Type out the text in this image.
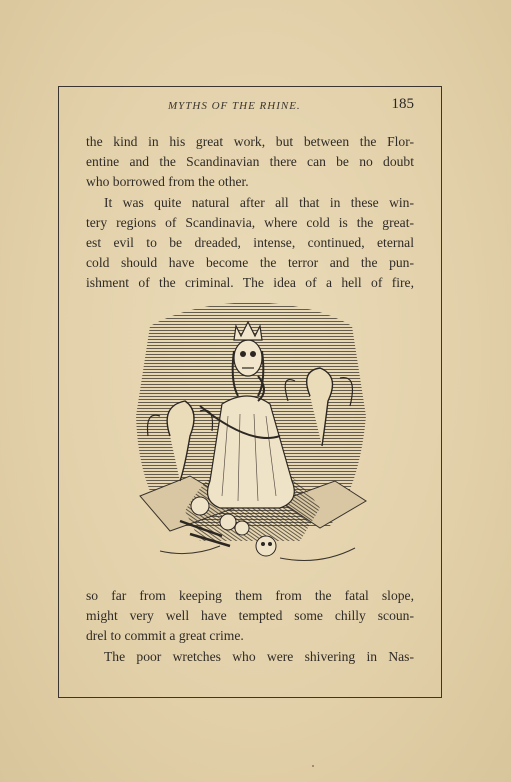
MYTHS OF THE RHINE.	185
the kind in his great work, but between the Flor-
entine and the Scandinavian there can be no doubt
who borrowed from the other.
It was quite natural after all that in these win-
tery regions of Scandinavia, where cold is the great-
est evil to be dreaded, intense, continued, eternal
cold should have become the terror and the pun-
ishment of the criminal. The idea of a hell of fire,
so far from keeping them from the fatal slope,
might very well have tempted some chilly scoun-
drel to commit a great crime.
The poor wretches who were shivering in Nas-
